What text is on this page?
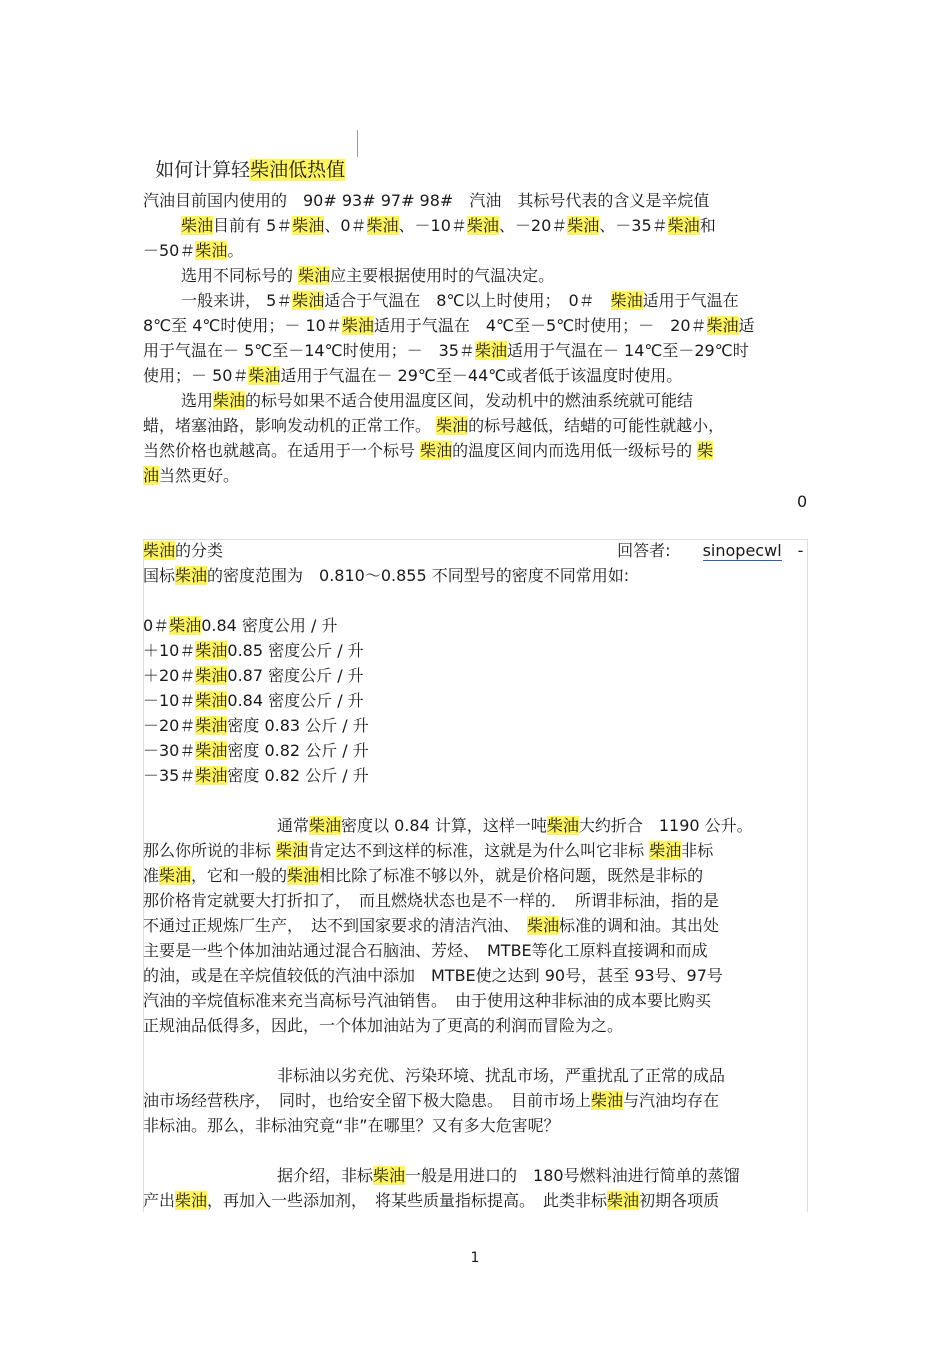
如何计算轻柴油低热值

汽油目前国内使用的　90# 93# 97# 98#　汽油　其标号代表的含义是辛烷值
柴油目前有 5＃柴油、0＃柴油、－10＃柴油、－20＃柴油、－35＃柴油和
－50＃柴油。
选用不同标号的 柴油应主要根据使用时的气温决定。
一般来讲， 5＃柴油适合于气温在　8℃以上时使用；　0＃　柴油适用于气温在
8℃至 4℃时使用；－ 10＃柴油适用于气温在　4℃至－5℃时使用；－　20＃柴油适
用于气温在－ 5℃至－14℃时使用；－　35＃柴油适用于气温在－ 14℃至－29℃时
使用；－ 50＃柴油适用于气温在－ 29℃至－44℃或者低于该温度时使用。
选用柴油的标号如果不适合使用温度区间，发动机中的燃油系统就可能结
蜡，堵塞油路，影响发动机的正常工作。 柴油的标号越低，结蜡的可能性就越小，
当然价格也就越高。在适用于一个标号 柴油的温度区间内而选用低一级标号的 柴
油当然更好。
0

回答者:　　 sinopecwl　 -

柴油的分类
国标柴油的密度范围为　0.810～0.855 不同型号的密度不同常用如:
0＃柴油0.84 密度公用 / 升
＋10＃柴油0.85 密度公斤 / 升
＋20＃柴油0.87 密度公斤 / 升
－10＃柴油0.84 密度公斤 / 升
－20＃柴油密度 0.83 公斤 / 升
－30＃柴油密度 0.82 公斤 / 升
－35＃柴油密度 0.82 公斤 / 升
通常柴油密度以 0.84 计算，这样一吨柴油大约折合　1190 公升。
那么你所说的非标 柴油肯定达不到这样的标准，这就是为什么叫它非标 柴油非标
准柴油，它和一般的柴油相比除了标准不够以外，就是价格问题，既然是非标的
那价格肯定就要大打折扣了，　而且燃烧状态也是不一样的．　所谓非标油，指的是
不通过正规炼厂生产，　达不到国家要求的清洁汽油、　柴油标准的调和油。其出处
主要是一些个体加油站通过混合石脑油、芳烃、　MTBE等化工原料直接调和而成
的油，或是在辛烷值较低的汽油中添加　MTBE使之达到 90号，甚至 93号、97号
汽油的辛烷值标准来充当高标号汽油销售。　由于使用这种非标油的成本要比购买
正规油品低得多，因此，一个体加油站为了更高的利润而冒险为之。
非标油以劣充优、污染环境、扰乱市场，严重扰乱了正常的成品
油市场经营秩序，　同时，也给安全留下极大隐患。　目前市场上柴油与汽油均存在
非标油。那么，非标油究竟“非”在哪里？又有多大危害呢？
据介绍，非标柴油一般是用进口的　180号燃料油进行简单的蒸馏
产出柴油，再加入一些添加剂，　将某些质量指标提高。　此类非标柴油初期各项质
1
